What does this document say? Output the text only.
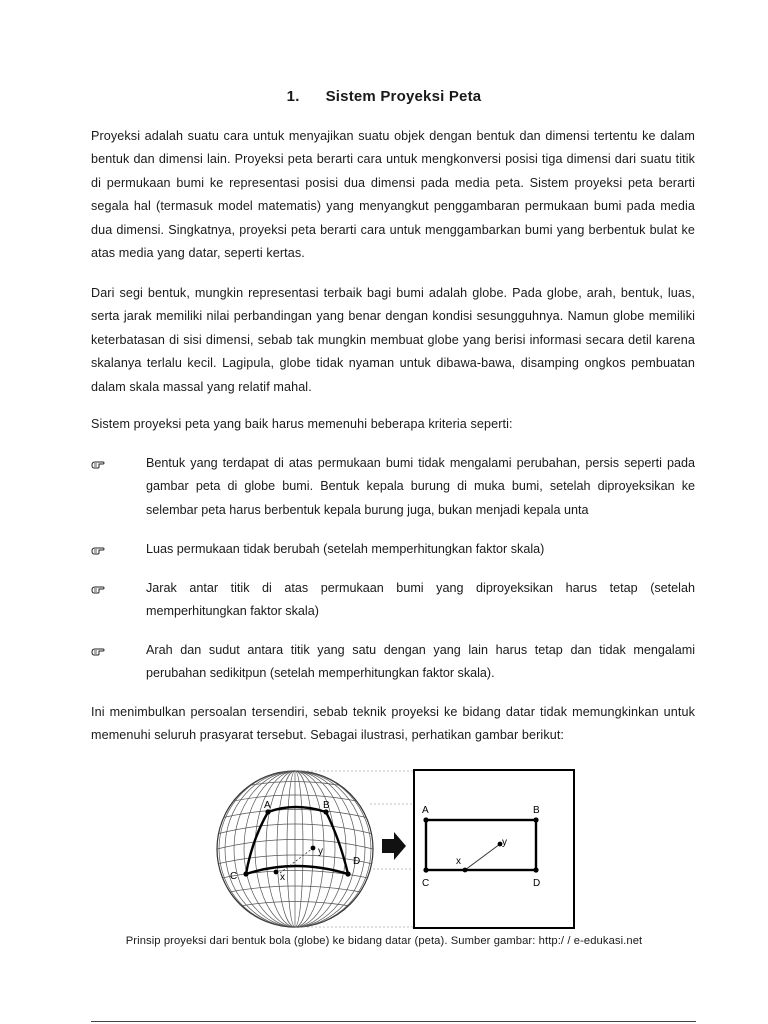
1. Sistem Proyeksi Peta

Proyeksi adalah suatu cara untuk menyajikan suatu objek dengan bentuk dan dimensi tertentu ke dalam bentuk dan dimensi lain. Proyeksi peta berarti cara untuk mengkonversi posisi tiga dimensi dari suatu titik di permukaan bumi ke representasi posisi dua dimensi pada media peta. Sistem proyeksi peta berarti segala hal (termasuk model matematis) yang menyangkut penggambaran permukaan bumi pada media dua dimensi. Singkatnya, proyeksi peta berarti cara untuk menggambarkan bumi yang berbentuk bulat ke atas media yang datar, seperti kertas.

Dari segi bentuk, mungkin representasi terbaik bagi bumi adalah globe. Pada globe, arah, bentuk, luas, serta jarak memiliki nilai perbandingan yang benar dengan kondisi sesungguhnya. Namun globe memiliki keterbatasan di sisi dimensi, sebab tak mungkin membuat globe yang berisi informasi secara detil karena skalanya terlalu kecil. Lagipula, globe tidak nyaman untuk dibawa-bawa, disamping ongkos pembuatan dalam skala massal yang relatif mahal.

Sistem proyeksi peta yang baik harus memenuhi beberapa kriteria seperti:

Bentuk yang terdapat di atas permukaan bumi tidak mengalami perubahan, persis seperti pada gambar peta di globe bumi. Bentuk kepala burung di muka bumi, setelah diproyeksikan ke selembar peta harus berbentuk kepala burung juga, bukan menjadi kepala unta

Luas permukaan tidak berubah (setelah memperhitungkan faktor skala)

Jarak antar titik di atas permukaan bumi yang diproyeksikan harus tetap (setelah memperhitungkan faktor skala)

Arah dan sudut antara titik yang satu dengan yang lain harus tetap dan tidak mengalami perubahan sedikitpun (setelah memperhitungkan faktor skala).

Ini menimbulkan persoalan tersendiri, sebab teknik proyeksi ke bidang datar tidak memungkinkan untuk memenuhi seluruh prasyarat tersebut. Sebagai ilustrasi, perhatikan gambar berikut:

A	B
C
D
x
y
A	B
C	D
x
y

Prinsip proyeksi dari bentuk bola (globe) ke bidang datar (peta). Sumber gambar: http:/ / e-edukasi.net
